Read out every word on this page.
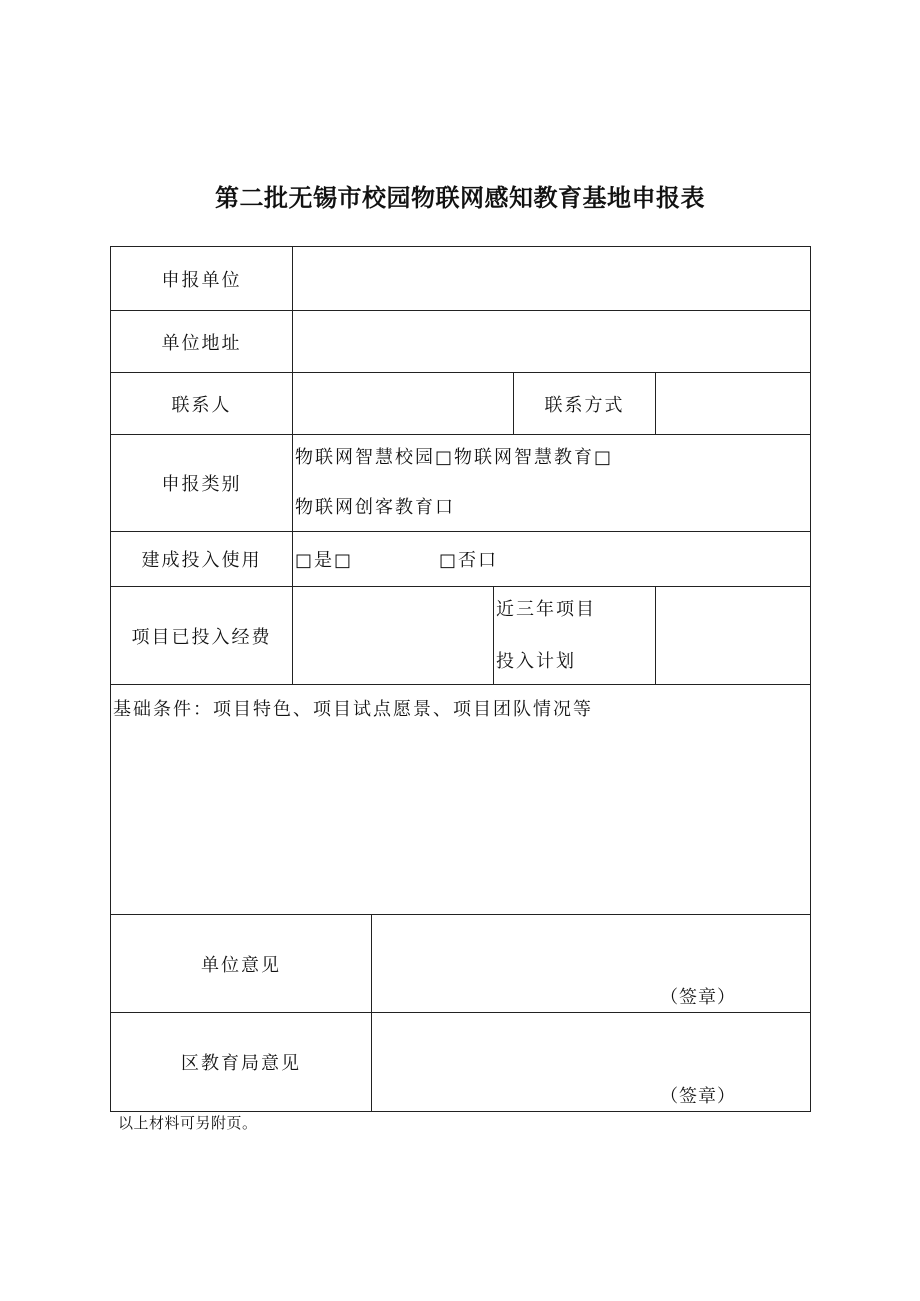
第二批无锡市校园物联网感知教育基地申报表
申报单位					
单位地址					
联系人				联系方式	
申报类别	物联网智慧校园□物联网智慧教育□
物联网创客教育口				

建成投入使用	□是□ □否口				
项目已投入经费			近三年项目
投入计划		

基础条件：项目特色、项目试点愿景、项目团队情况等					
单位意见		（签章）			

区教育局意见		（签章）			
以上材料可另附页。
